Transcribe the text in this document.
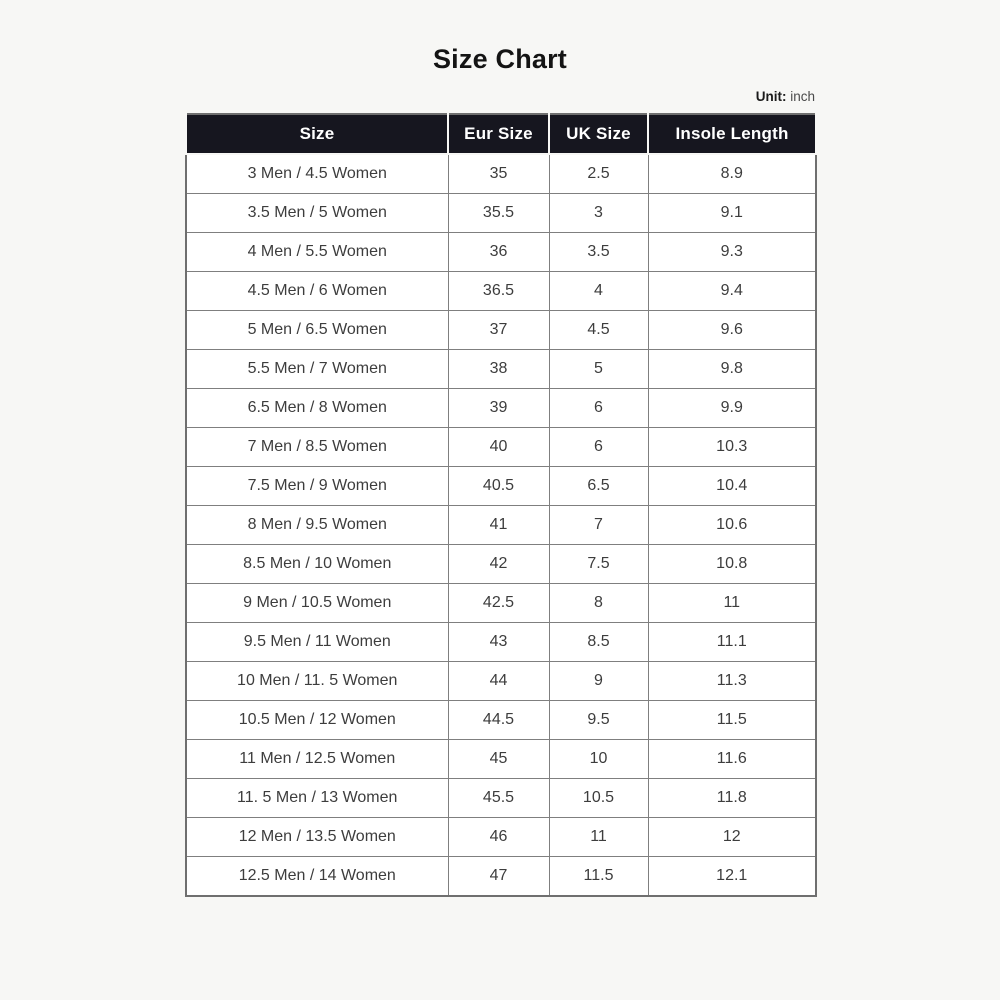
Size Chart
Unit: inch
Size	Eur Size	UK Size	Insole Length
3 Men / 4.5 Women	35	2.5	8.9
3.5 Men / 5 Women	35.5	3	9.1
4 Men / 5.5 Women	36	3.5	9.3
4.5 Men / 6 Women	36.5	4	9.4
5 Men / 6.5 Women	37	4.5	9.6
5.5 Men / 7 Women	38	5	9.8
6.5 Men / 8 Women	39	6	9.9
7 Men / 8.5 Women	40	6	10.3
7.5 Men / 9 Women	40.5	6.5	10.4
8 Men / 9.5 Women	41	7	10.6
8.5 Men / 10 Women	42	7.5	10.8
9 Men / 10.5 Women	42.5	8	11
9.5 Men / 11 Women	43	8.5	11.1
10 Men / 11. 5 Women	44	9	11.3
10.5 Men / 12 Women	44.5	9.5	11.5
11 Men / 12.5 Women	45	10	11.6
11. 5 Men / 13 Women	45.5	10.5	11.8
12 Men / 13.5 Women	46	11	12
12.5 Men / 14 Women	47	11.5	12.1
